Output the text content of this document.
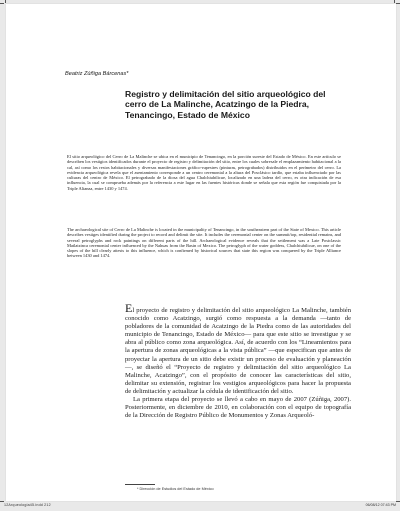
Beatriz Zúñiga Bárcenas*
Registro y delimitación del sitio arqueológico del cerro de La Malinche, Acatzingo de la Piedra, Tenancingo, Estado de México
El sitio arqueológico del Cerro de La Malinche se ubica en el municipio de Tenancingo, en la porción sureste del Estado de México. En este artículo se describen los vestigios identificados durante el proyecto de registro y delimitación del sitio, entre los cuales sobresale el emplazamiento habitacional a la cal, así como los restos habitacionales y diversas manifestaciones gráfico-rupestres (pinturas, petrograbados) distribuidos en el perímetro del cerro. La evidencia arqueológica revela que el asentamiento corresponde a un centro ceremonial a la altura del Posclásico tardío, que estaba influenciado por las culturas del centro de México. El petrograbado de la diosa del agua Chalchiuhtlicue, localizado en una ladera del cerro, es otra indicación de esa influencia, la cual se comprueba además por la referencia a este lugar en las fuentes históricas donde se señala que esta región fue conquistada por la Triple Alianza, entre 1430 y 1474.
The archaeological site of Cerro de La Malinche is located in the municipality of Tenancingo, in the southeastern part of the State of Mexico. This article describes vestiges identified during the project to record and delimit the site. It includes the ceremonial center on the summit/top, residential remains, and several petroglyphs and rock paintings on different parts of the hill. Archaeological evidence reveals that the settlement was a Late Postclassic Matlatzinca ceremonial center influenced by the Nahuas from the Basin of Mexico. The petroglyph of the water goddess, Chalchiuhtlicue, on one of the slopes of the hill clearly attests to this influence, which is confirmed by historical sources that state this region was conquered by the Triple Alliance between 1430 and 1474.

El proyecto de registro y delimitación del sitio arqueológico La Malinche, también conocido como Acatzingo, surgió como respuesta a la demanda —tanto de pobladores de la comunidad de Acatzingo de la Piedra como de las autoridades del municipio de Tenancingo, Estado de México— para que este sitio se investigue y se abra al público como zona arqueológica. Así, de acuerdo con los “Lineamientos para la apertura de zonas arqueológicas a la vista pública” —que especifican que antes de proyectar la apertura de un sitio debe existir un proceso de evaluación y planeación—, se diseñó el “Proyecto de registro y delimitación del sitio arqueológico La Malinche, Acatzingo”, con el propósito de conocer las características del sitio, delimitar su extensión, registrar los vestigios arqueológicos para hacer la propuesta de delimitación y actualizar la cédula de identificación del sitio.

La primera etapa del proyecto se llevó a cabo en mayo de 2007 (Zúñiga, 2007). Posteriormente, en diciembre de 2010, en colaboración con el equipo de topografía de la Dirección de Registro Público de Monumentos y Zonas Arqueoló-

* Dirección de Estudios del Estado de México
12Arqueologia45.indd 212	06/08/12 07:43 PM
